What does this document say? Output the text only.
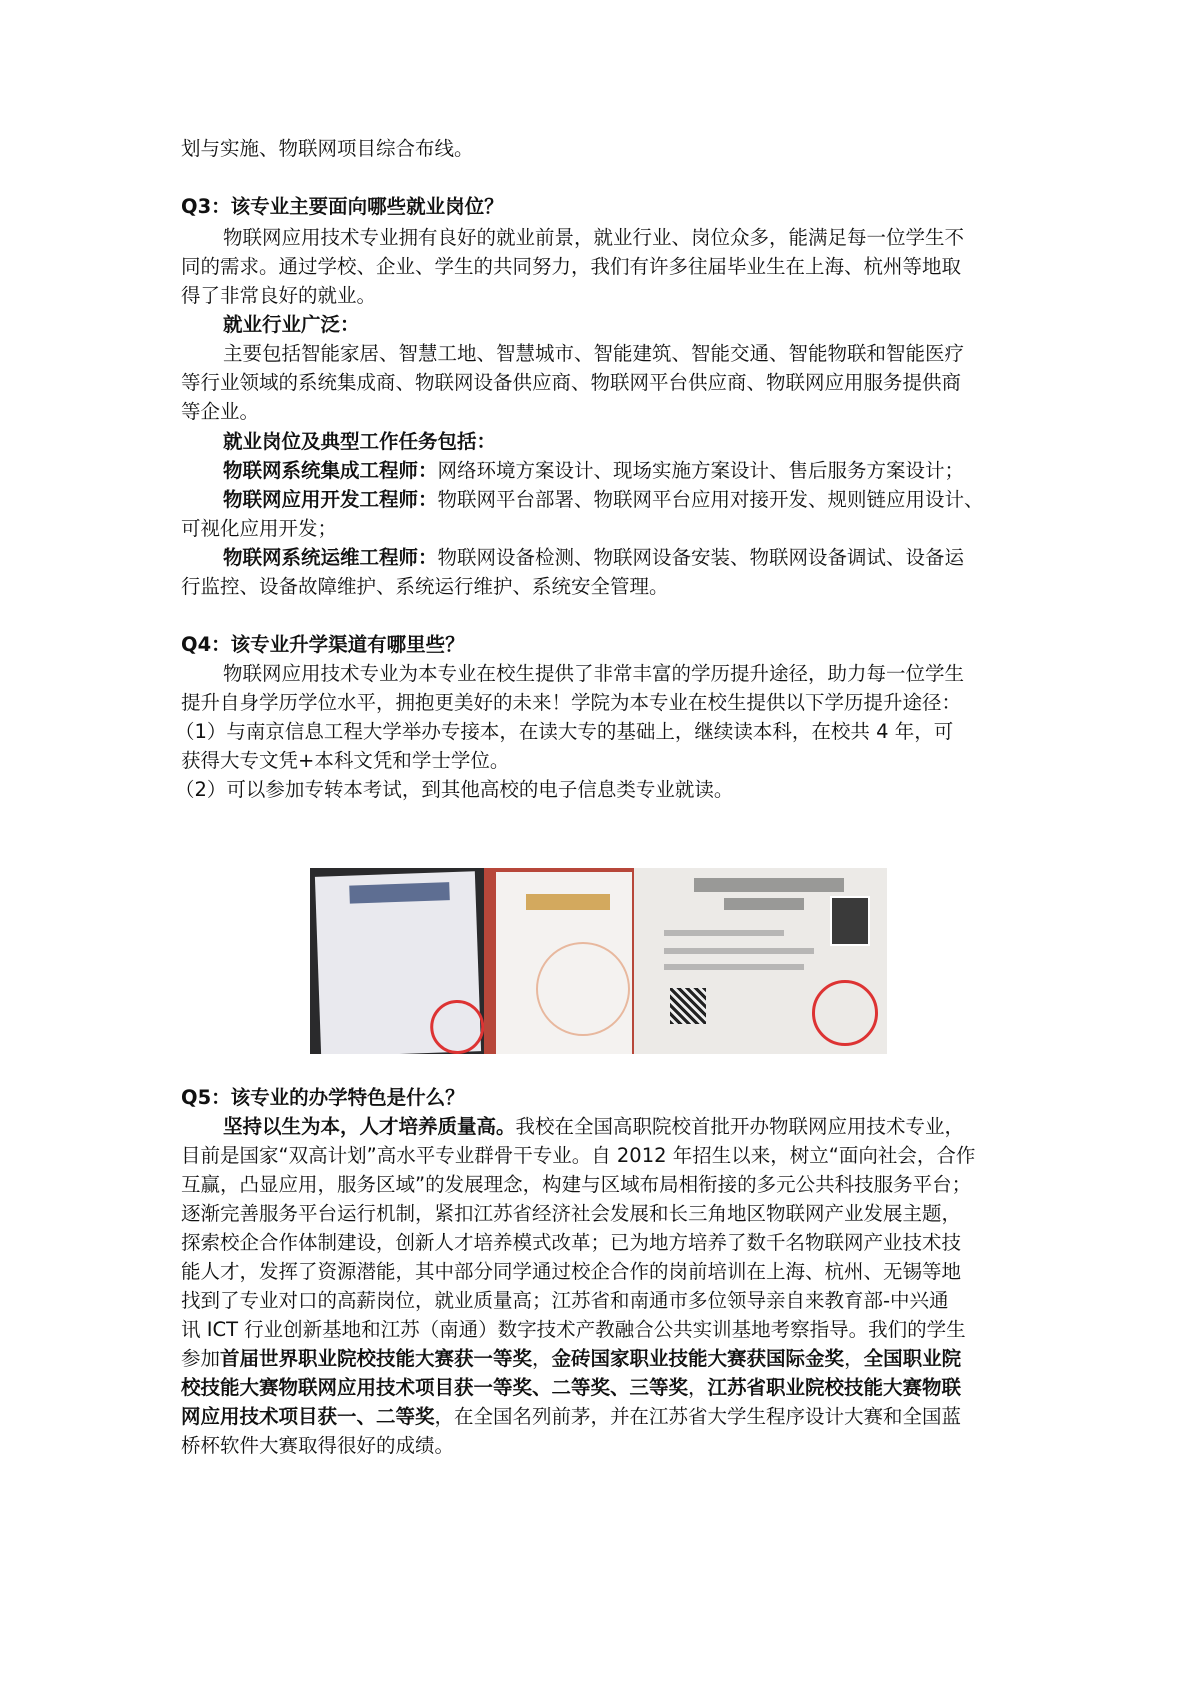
划与实施、物联网项目综合布线。
Q3：该专业主要面向哪些就业岗位？
物联网应用技术专业拥有良好的就业前景，就业行业、岗位众多，能满足每一位学生不
同的需求。通过学校、企业、学生的共同努力，我们有许多往届毕业生在上海、杭州等地取
得了非常良好的就业。
就业行业广泛：
主要包括智能家居、智慧工地、智慧城市、智能建筑、智能交通、智能物联和智能医疗
等行业领域的系统集成商、物联网设备供应商、物联网平台供应商、物联网应用服务提供商
等企业。
就业岗位及典型工作任务包括：
物联网系统集成工程师：网络环境方案设计、现场实施方案设计、售后服务方案设计；
物联网应用开发工程师：物联网平台部署、物联网平台应用对接开发、规则链应用设计、
可视化应用开发；
物联网系统运维工程师：物联网设备检测、物联网设备安装、物联网设备调试、设备运
行监控、设备故障维护、系统运行维护、系统安全管理。
Q4：该专业升学渠道有哪里些？
物联网应用技术专业为本专业在校生提供了非常丰富的学历提升途径，助力每一位学生
提升自身学历学位水平，拥抱更美好的未来！学院为本专业在校生提供以下学历提升途径：
（1）与南京信息工程大学举办专接本，在读大专的基础上，继续读本科，在校共 4 年，可
获得大专文凭+本科文凭和学士学位。
（2）可以参加专转本考试，到其他高校的电子信息类专业就读。
Q5：该专业的办学特色是什么？
坚持以生为本，人才培养质量高。我校在全国高职院校首批开办物联网应用技术专业，
目前是国家“双高计划”高水平专业群骨干专业。自 2012 年招生以来，树立“面向社会，合作
互赢，凸显应用，服务区域”的发展理念，构建与区域布局相衔接的多元公共科技服务平台；
逐渐完善服务平台运行机制，紧扣江苏省经济社会发展和长三角地区物联网产业发展主题，
探索校企合作体制建设，创新人才培养模式改革；已为地方培养了数千名物联网产业技术技
能人才，发挥了资源潜能，其中部分同学通过校企合作的岗前培训在上海、杭州、无锡等地
找到了专业对口的高薪岗位，就业质量高；江苏省和南通市多位领导亲自来教育部-中兴通
讯 ICT 行业创新基地和江苏（南通）数字技术产教融合公共实训基地考察指导。我们的学生
参加首届世界职业院校技能大赛获一等奖，金砖国家职业技能大赛获国际金奖，全国职业院
校技能大赛物联网应用技术项目获一等奖、二等奖、三等奖，江苏省职业院校技能大赛物联
网应用技术项目获一、二等奖，在全国名列前茅，并在江苏省大学生程序设计大赛和全国蓝
桥杯软件大赛取得很好的成绩。
